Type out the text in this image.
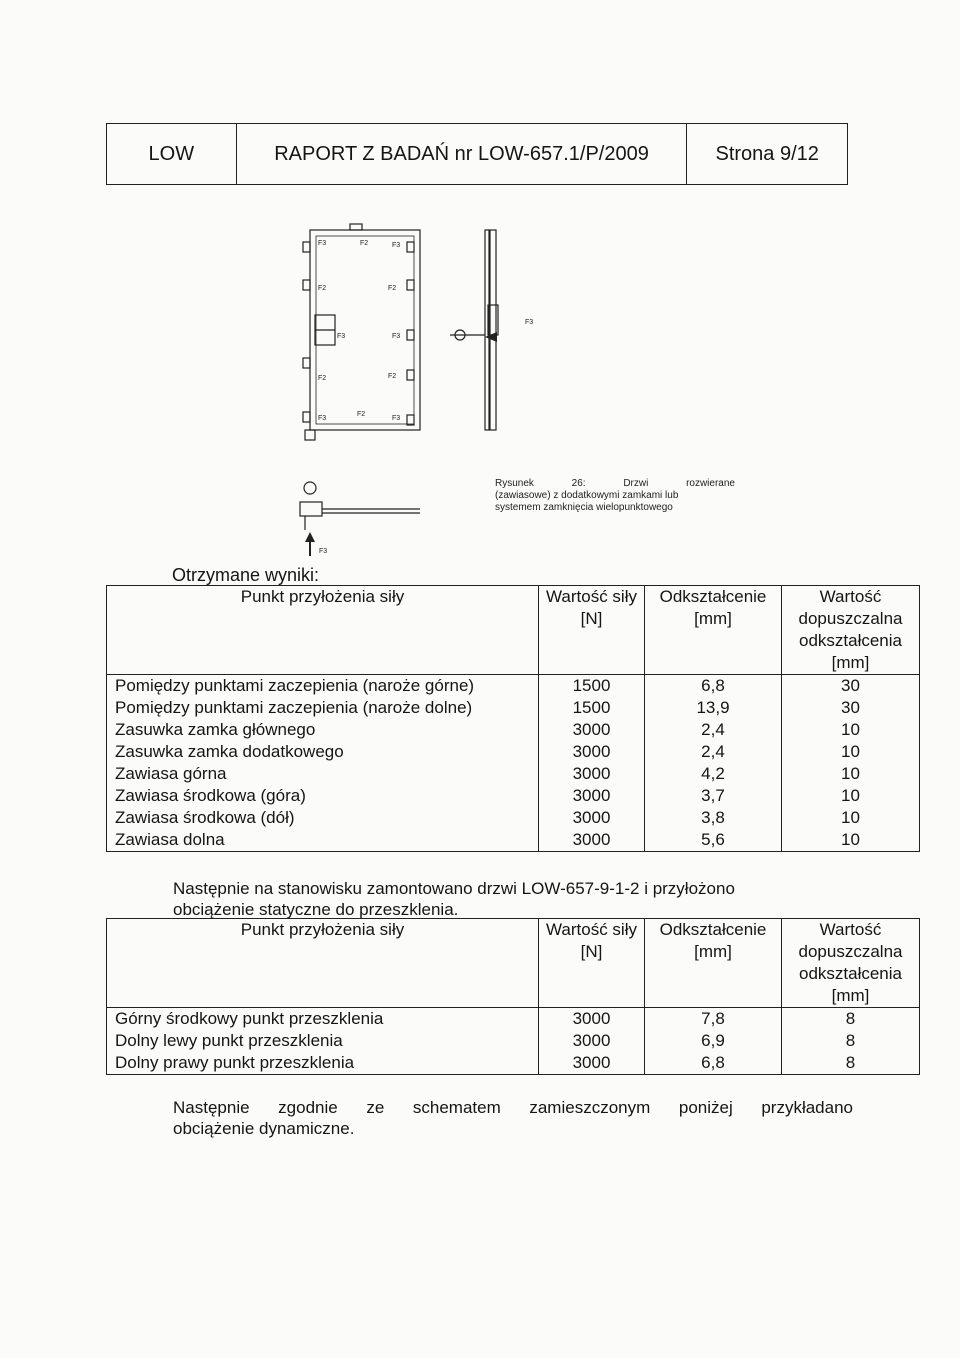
LOW	RAPORT Z BADAŃ nr LOW-657.1/P/2009	Strona 9/12
F3	F2	F3
F2	F2
F3	F3
F2	F2
F3
F2
F3
F3
F3
Rysunek	26:	Drzwi	rozwierane
(zawiasowe) z dodatkowymi zamkami lub
systemem zamknięcia wielopunktowego
Otrzymane wyniki:
Punkt przyłożenia siły	Wartość siły [N]	Odkształcenie [mm]	Wartość dopuszczalna odkształcenia [mm]
Pomiędzy punktami zaczepienia (naroże górne)	1500	6,8	30
Pomiędzy punktami zaczepienia (naroże dolne)	1500	13,9	30
Zasuwka zamka głównego	3000	2,4	10
Zasuwka zamka dodatkowego	3000	2,4	10
Zawiasa górna	3000	4,2	10
Zawiasa środkowa (góra)	3000	3,7	10
Zawiasa środkowa (dół)	3000	3,8	10
Zawiasa dolna	3000	5,6	10
Następnie na stanowisku zamontowano drzwi LOW-657-9-1-2 i przyłożono
obciążenie statyczne do przeszklenia.
Punkt przyłożenia siły	Wartość siły [N]	Odkształcenie [mm]	Wartość dopuszczalna odkształcenia [mm]
Górny środkowy punkt przeszklenia	3000	7,8	8
Dolny lewy punkt przeszklenia	3000	6,9	8
Dolny prawy punkt przeszklenia	3000	6,8	8
Następnie zgodnie ze schematem zamieszczonym poniżej przykładano
obciążenie dynamiczne.
